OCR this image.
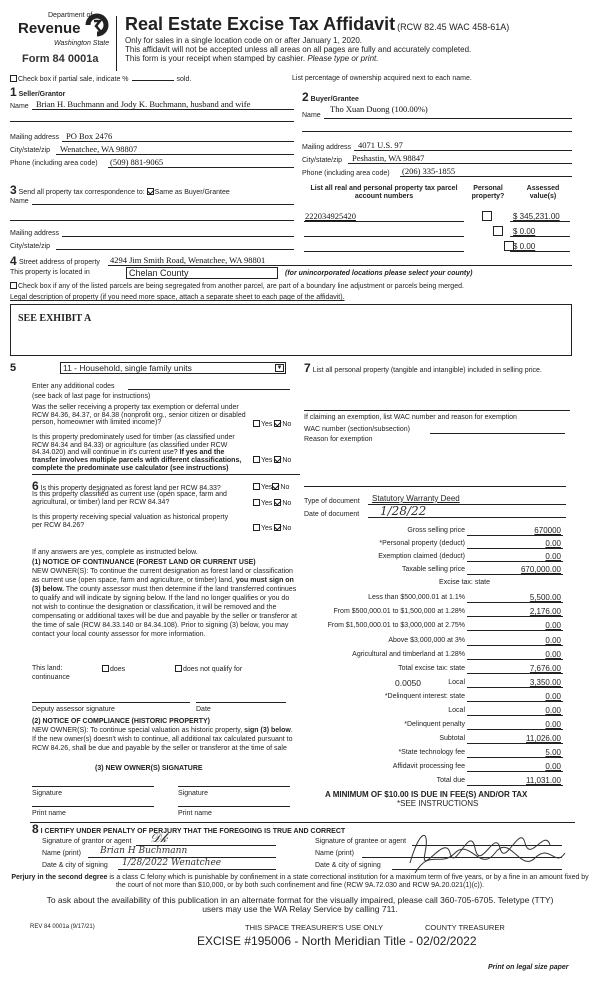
Department of
Revenue
Washington State
Form 84 0001a
Real Estate Excise Tax Affidavit (RCW 82.45 WAC 458-61A)
Only for sales in a single location code on or after January 1, 2020.
This affidavit will not be accepted unless all areas on all pages are fully and accurately completed.
This form is your receipt when stamped by cashier. Please type or print.
Check box if partial sale, indicate %	sold.	List percentage of ownership acquired next to each name.
1 Seller/Grantor
Name Brian H. Buchmann and Jody K. Buchmann, husband and wife
Mailing address PO Box 2476
City/state/zip Wenatchee, WA 98807
Phone (including area code) (509) 881-9065
2 Buyer/Grantee
Name
Tho Xuan Duong (100.00%)
Mailing address 4071 U.S. 97
City/state/zip Peshastin, WA 98847
Phone (including area code) (206) 335-1855
3 Send all property tax correspondence to: Same as Buyer/Grantee
Name
Mailing address
City/state/zip
List all real and personal property tax parcel account numbers
Personal property?
Assessed value(s)
222034925420	$ 345,231.00
$ 0.00
$ 0.00
4 Street address of property 4294 Jim Smith Road, Wenatchee, WA 98801
This property is located in	Chelan County	(for unincorporated locations please select your county)
Check box if any of the listed parcels are being segregated from another parcel, are part of a boundary line adjustment or parcels being merged.
Legal description of property (if you need more space, attach a separate sheet to each page of the affidavit).
SEE EXHIBIT A
5	11 - Household, single family units	▼
Enter any additional codes
(see back of last page for instructions)
Was the seller receiving a property tax exemption or deferral under RCW 84.36, 84.37, or 84.38 (nonprofit org., senior citizen or disabled person, homeowner with limited income)?	Yes No
Is this property predominately used for timber (as classified under RCW 84.34 and 84.33) or agriculture (as classified under RCW 84.34.020) and will continue in it's current use? If yes and the transfer involves multiple parcels with different classifications, complete the predominate use calculator (see instructions)
Yes No
6 Is this property designated as forest land per RCW 84.33?	Yes No
Is this property classified as current use (open space, farm and agricultural, or timber) land per RCW 84.34?	Yes No
Is this property receiving special valuation as historical property per RCW 84.26?	Yes No
If any answers are yes, complete as instructed below.
(1) NOTICE OF CONTINUANCE (FOREST LAND OR CURRENT USE)
NEW OWNER(S): To continue the current designation as forest land or classification as current use (open space, farm and agriculture, or timber) land, you must sign on (3) below. The county assessor must then determine if the land transferred continues to qualify and will indicate by signing below. If the land no longer qualifies or you do not wish to continue the designation or classification, it will be removed and the compensating or additional taxes will be due and payable by the seller or transferor at the time of sale (RCW 84.33.140 or 84.34.108). Prior to signing (3) below, you may contact your local county assessor for more information.
This land:
continuance
does	does not qualify for
Deputy assessor signature	Date
(2) NOTICE OF COMPLIANCE (HISTORIC PROPERTY)
NEW OWNER(S): To continue special valuation as historic property, sign (3) below. If the new owner(s) doesn't wish to continue, all additional tax calculated pursuant to RCW 84.26, shall be due and payable by the seller or transferor at the time of sale
(3) NEW OWNER(S) SIGNATURE
Signature	Signature
Print name	Print name
7 List all personal property (tangible and intangible) included in selling price.
If claiming an exemption, list WAC number and reason for exemption
WAC number (section/subsection)
Reason for exemption
Type of document Statutory Warranty Deed
Date of document 1/28/22
Gross selling price	670000
*Personal property (deduct)	0.00
Exemption claimed (deduct)	0.00
Taxable selling price	670,000.00
Excise tax: state
Less than $500,000.01 at 1.1%	5,500.00
From $500,000.01 to $1,500,000 at 1.28%	2,176.00
From $1,500,000.01 to $3,000,000 at 2.75%	0.00
Above $3,000,000 at 3%	0.00
Agricultural and timberland at 1.28%	0.00
Total excise tax: state	7,676.00
Local	3,350.00
0.0050
*Delinquent interest: state	0.00
Local	0.00
*Delinquent penalty	0.00
Subtotal	11,026.00
*State technology fee	5.00
Affidavit processing fee	0.00
Total due	11,031.00
A MINIMUM OF $10.00 IS DUE IN FEE(S) AND/OR TAX
*SEE INSTRUCTIONS
8 I CERTIFY UNDER PENALTY OF PERJURY THAT THE FOREGOING IS TRUE AND CORRECT
Signature of grantor or agent 𝒟𝓀
Name (print) Brian H Buchmann
Date & city of signing 1/28/2022 Wenatchee
Signature of grantee or agent
Name (print)
Date & city of signing
Perjury in the second degree is a class C felony which is punishable by confinement in a state correctional institution for a maximum term of five years, or by a fine in an amount fixed by the court of not more than $10,000, or by both such confinement and fine (RCW 9A.72.030 and RCW 9A.20.021(1)(c)).
To ask about the availability of this publication in an alternate format for the visually impaired, please call 360-705-6705. Teletype (TTY) users may use the WA Relay Service by calling 711.
REV 84 0001a (9/17/21)	THIS SPACE TREASURER'S USE ONLY	COUNTY TREASURER
EXCISE #195006 - North Meridian Title - 02/02/2022
Print on legal size paper
